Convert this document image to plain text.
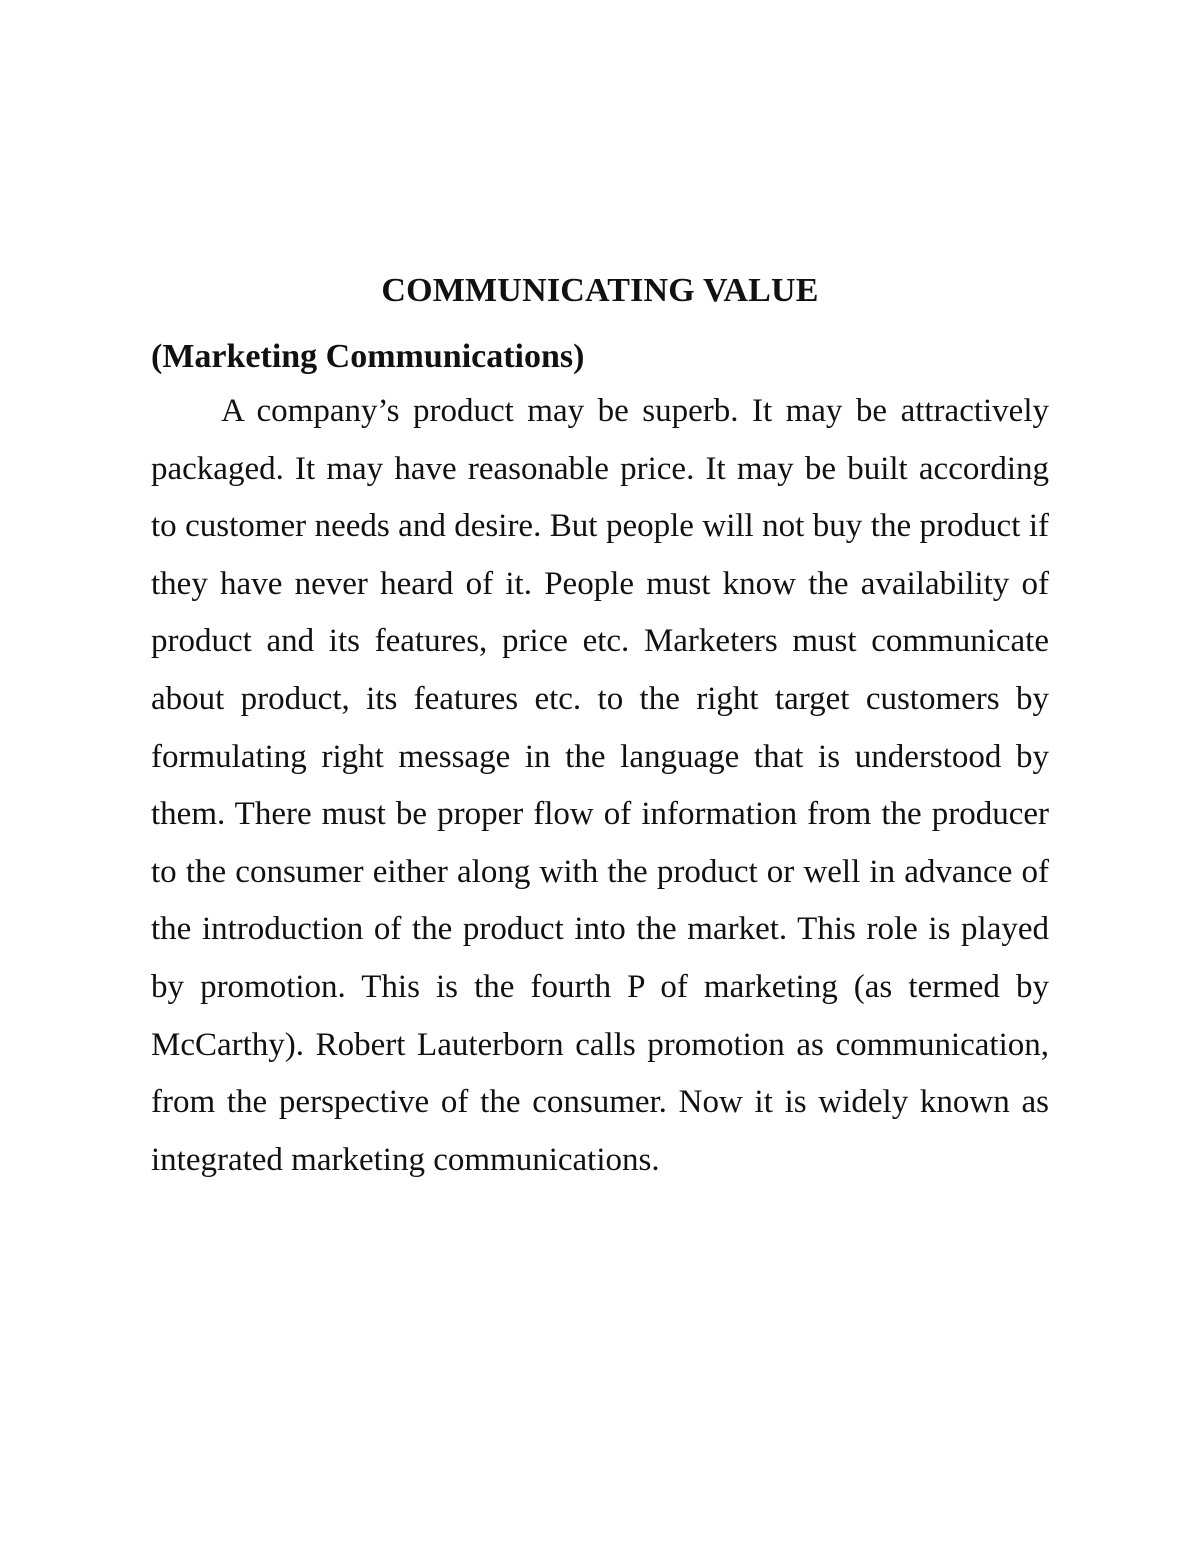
COMMUNICATING VALUE
(Marketing Communications)

A company’s product may be superb. It may be attractively packaged. It may have reasonable price. It may be built according to customer needs and desire. But people will not buy the product if they have never heard of it. People must know the availability of product and its features, price etc. Marketers must communicate about product, its features etc. to the right target customers by formulating right message in the language that is understood by them. There must be proper flow of information from the producer to the consumer either along with the product or well in advance of the introduction of the product into the market. This role is played by promotion. This is the fourth P of marketing (as termed by McCarthy). Robert Lauterborn calls promotion as communication, from the perspective of the consumer. Now it is widely known as integrated marketing communications.
